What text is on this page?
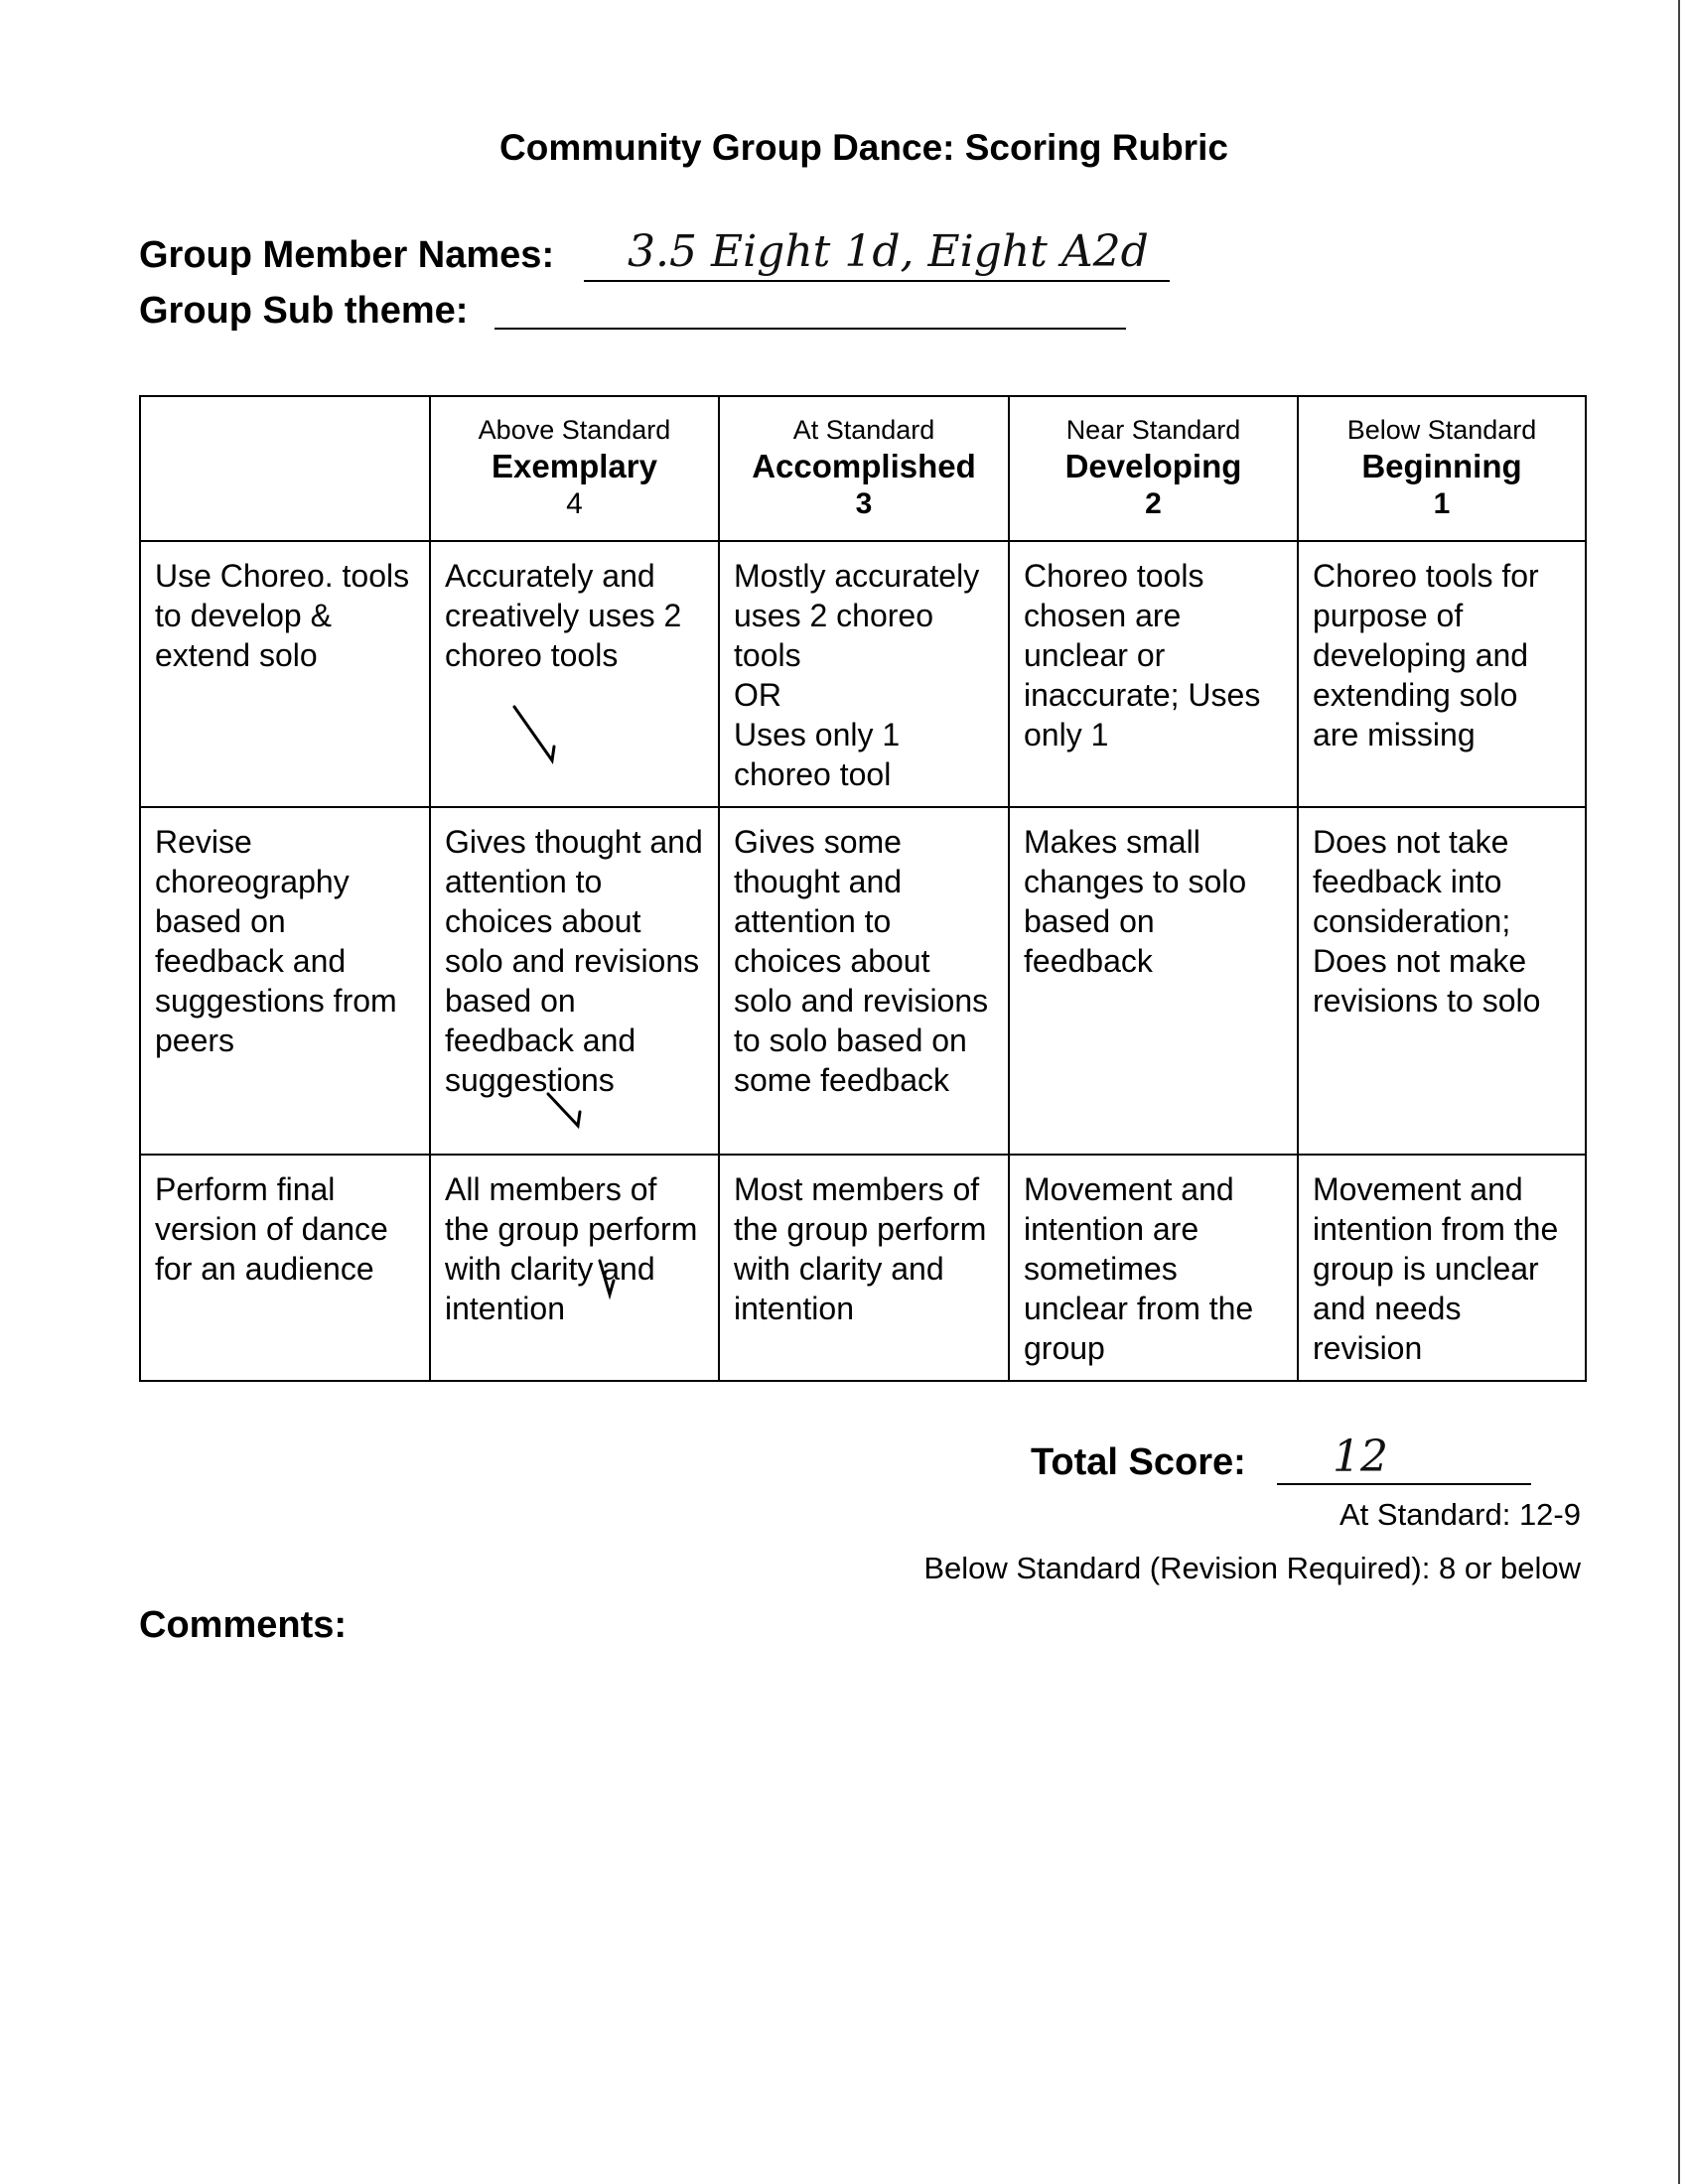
Community Group Dance: Scoring Rubric
Group Member Names: 3.5 Eight 1d, Eight A2d
Group Sub theme:

	Above Standard
Exemplary
4	At Standard
Accomplished
3	Near Standard
Developing
2	Below Standard
Beginning
1

Use Choreo. tools to develop & extend solo	Accurately and creatively uses 2 choreo tools	Mostly accurately uses 2 choreo tools
OR
Uses only 1 choreo tool	Choreo tools chosen are unclear or inaccurate; Uses only 1	Choreo tools for purpose of developing and extending solo are missing
Revise choreography based on feedback and suggestions from peers	Gives thought and attention to choices about solo and revisions based on feedback and suggestions	Gives some thought and attention to choices about solo and revisions to solo based on some feedback	Makes small changes to solo based on feedback	Does not take feedback into consideration; Does not make revisions to solo
Perform final version of dance for an audience	All members of the group perform with clarity and intention	Most members of the group perform with clarity and intention	Movement and intention are sometimes unclear from the group	Movement and intention from the group is unclear and needs revision
Total Score: 12
At Standard: 12-9
Below Standard (Revision Required): 8 or below
Comments:
